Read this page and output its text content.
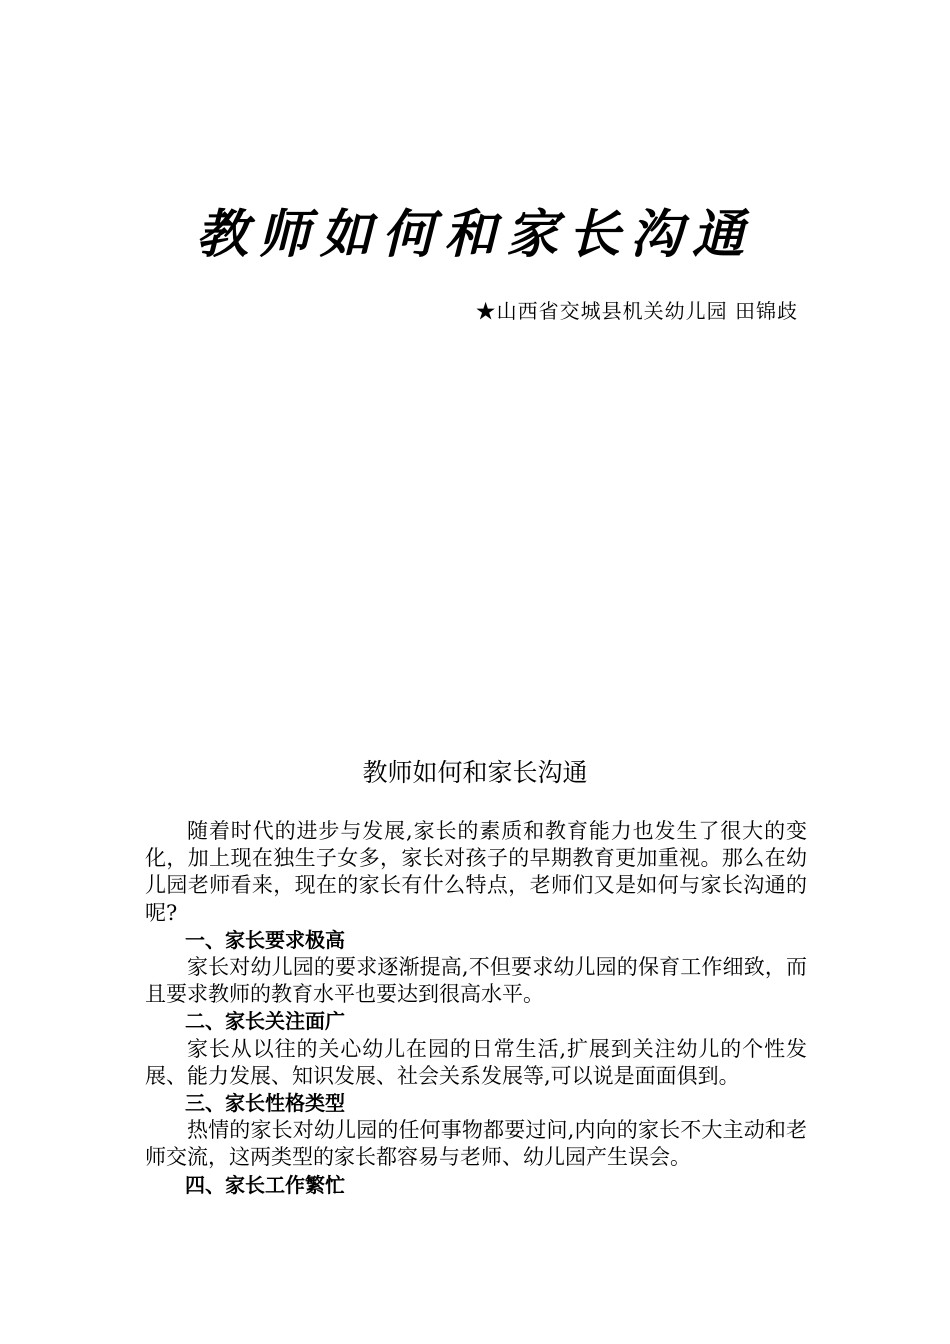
教师如何和家长沟通
★山西省交城县机关幼儿园 田锦歧
教师如何和家长沟通

随着时代的进步与发展,家长的素质和教育能力也发生了很大的变化，加上现在独生子女多，家长对孩子的早期教育更加重视。那么在幼儿园老师看来，现在的家长有什么特点，老师们又是如何与家长沟通的呢?

一、家长要求极高

家长对幼儿园的要求逐渐提高,不但要求幼儿园的保育工作细致，而且要求教师的教育水平也要达到很高水平。

二、家长关注面广

家长从以往的关心幼儿在园的日常生活,扩展到关注幼儿的个性发展、能力发展、知识发展、社会关系发展等,可以说是面面俱到。

三、家长性格类型

热情的家长对幼儿园的任何事物都要过问,内向的家长不大主动和老师交流，这两类型的家长都容易与老师、幼儿园产生误会。

四、家长工作繁忙
